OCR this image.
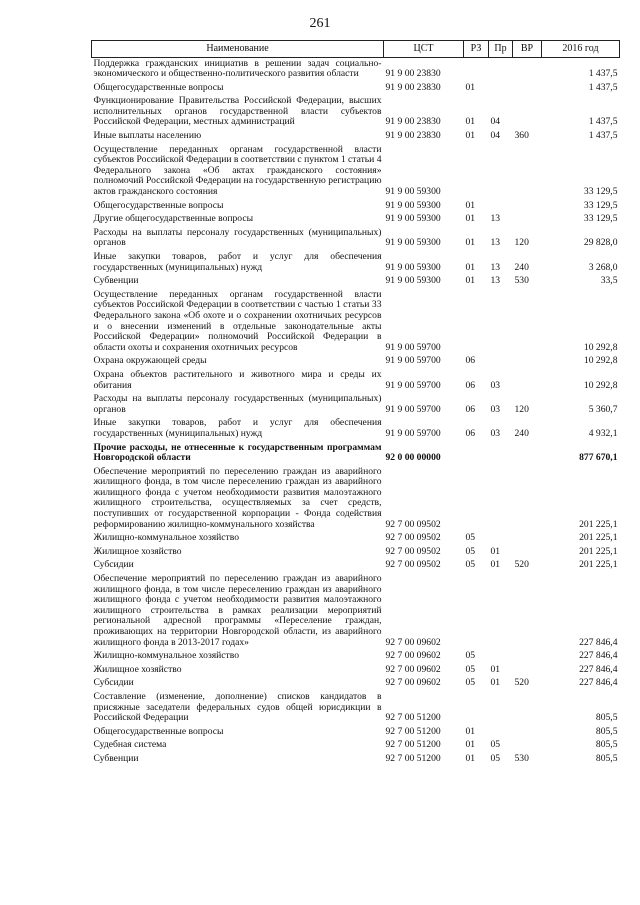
261
Наименование	ЦСТ	РЗ	Пр	ВР	2016 год
Поддержка гражданских инициатив в решении задач социально-экономического и общественно-политического развития области	91 9 00 23830				1 437,5
Общегосударственные вопросы	91 9 00 23830	01			1 437,5
Функционирование Правительства Российской Федерации, высших исполнительных органов государственной власти субъектов Российской Федерации, местных администраций	91 9 00 23830	01	04		1 437,5
Иные выплаты населению	91 9 00 23830	01	04	360	1 437,5
Осуществление переданных органам государственной власти субъектов Российской Федерации в соответствии с пунктом 1 статьи 4 Федерального закона «Об актах гражданского состояния» полномочий Российской Федерации на государственную регистрацию актов гражданского состояния	91 9 00 59300				33 129,5
Общегосударственные вопросы	91 9 00 59300	01			33 129,5
Другие общегосударственные вопросы	91 9 00 59300	01	13		33 129,5
Расходы на выплаты персоналу государственных (муниципальных) органов	91 9 00 59300	01	13	120	29 828,0
Иные закупки товаров, работ и услуг для обеспечения государственных (муниципальных) нужд	91 9 00 59300	01	13	240	3 268,0
Субвенции	91 9 00 59300	01	13	530	33,5
Осуществление переданных органам государственной власти субъектов Российской Федерации в соответствии с частью 1 статьи 33 Федерального закона «Об охоте и о сохранении охотничьих ресурсов и о внесении изменений в отдельные законодательные акты Российской Федерации» полномочий Российской Федерации в области охоты и сохранения охотничьих ресурсов	91 9 00 59700				10 292,8
Охрана окружающей среды	91 9 00 59700	06			10 292,8
Охрана объектов растительного и животного мира и среды их обитания	91 9 00 59700	06	03		10 292,8
Расходы на выплаты персоналу государственных (муниципальных) органов	91 9 00 59700	06	03	120	5 360,7
Иные закупки товаров, работ и услуг для обеспечения государственных (муниципальных) нужд	91 9 00 59700	06	03	240	4 932,1
Прочие расходы, не отнесенные к государственным программам Новгородской области	92 0 00 00000				877 670,1
Обеспечение мероприятий по переселению граждан из аварийного жилищного фонда, в том числе переселению граждан из аварийного жилищного фонда с учетом необходимости развития малоэтажного жилищного строительства, осуществляемых за счет средств, поступивших от государственной корпорации - Фонда содействия реформированию жилищно-коммунального хозяйства	92 7 00 09502				201 225,1
Жилищно-коммунальное хозяйство	92 7 00 09502	05			201 225,1
Жилищное хозяйство	92 7 00 09502	05	01		201 225,1
Субсидии	92 7 00 09502	05	01	520	201 225,1
Обеспечение мероприятий по переселению граждан из аварийного жилищного фонда, в том числе переселению граждан из аварийного жилищного фонда с учетом необходимости развития малоэтажного жилищного строительства в рамках реализации мероприятий региональной адресной программы «Переселение граждан, проживающих на территории Новгородской области, из аварийного жилищного фонда в 2013-2017 годах»	92 7 00 09602				227 846,4
Жилищно-коммунальное хозяйство	92 7 00 09602	05			227 846,4
Жилищное хозяйство	92 7 00 09602	05	01		227 846,4
Субсидии	92 7 00 09602	05	01	520	227 846,4
Составление (изменение, дополнение) списков кандидатов в присяжные заседатели федеральных судов общей юрисдикции в Российской Федерации	92 7 00 51200				805,5
Общегосударственные вопросы	92 7 00 51200	01			805,5
Судебная система	92 7 00 51200	01	05		805,5
Субвенции	92 7 00 51200	01	05	530	805,5
